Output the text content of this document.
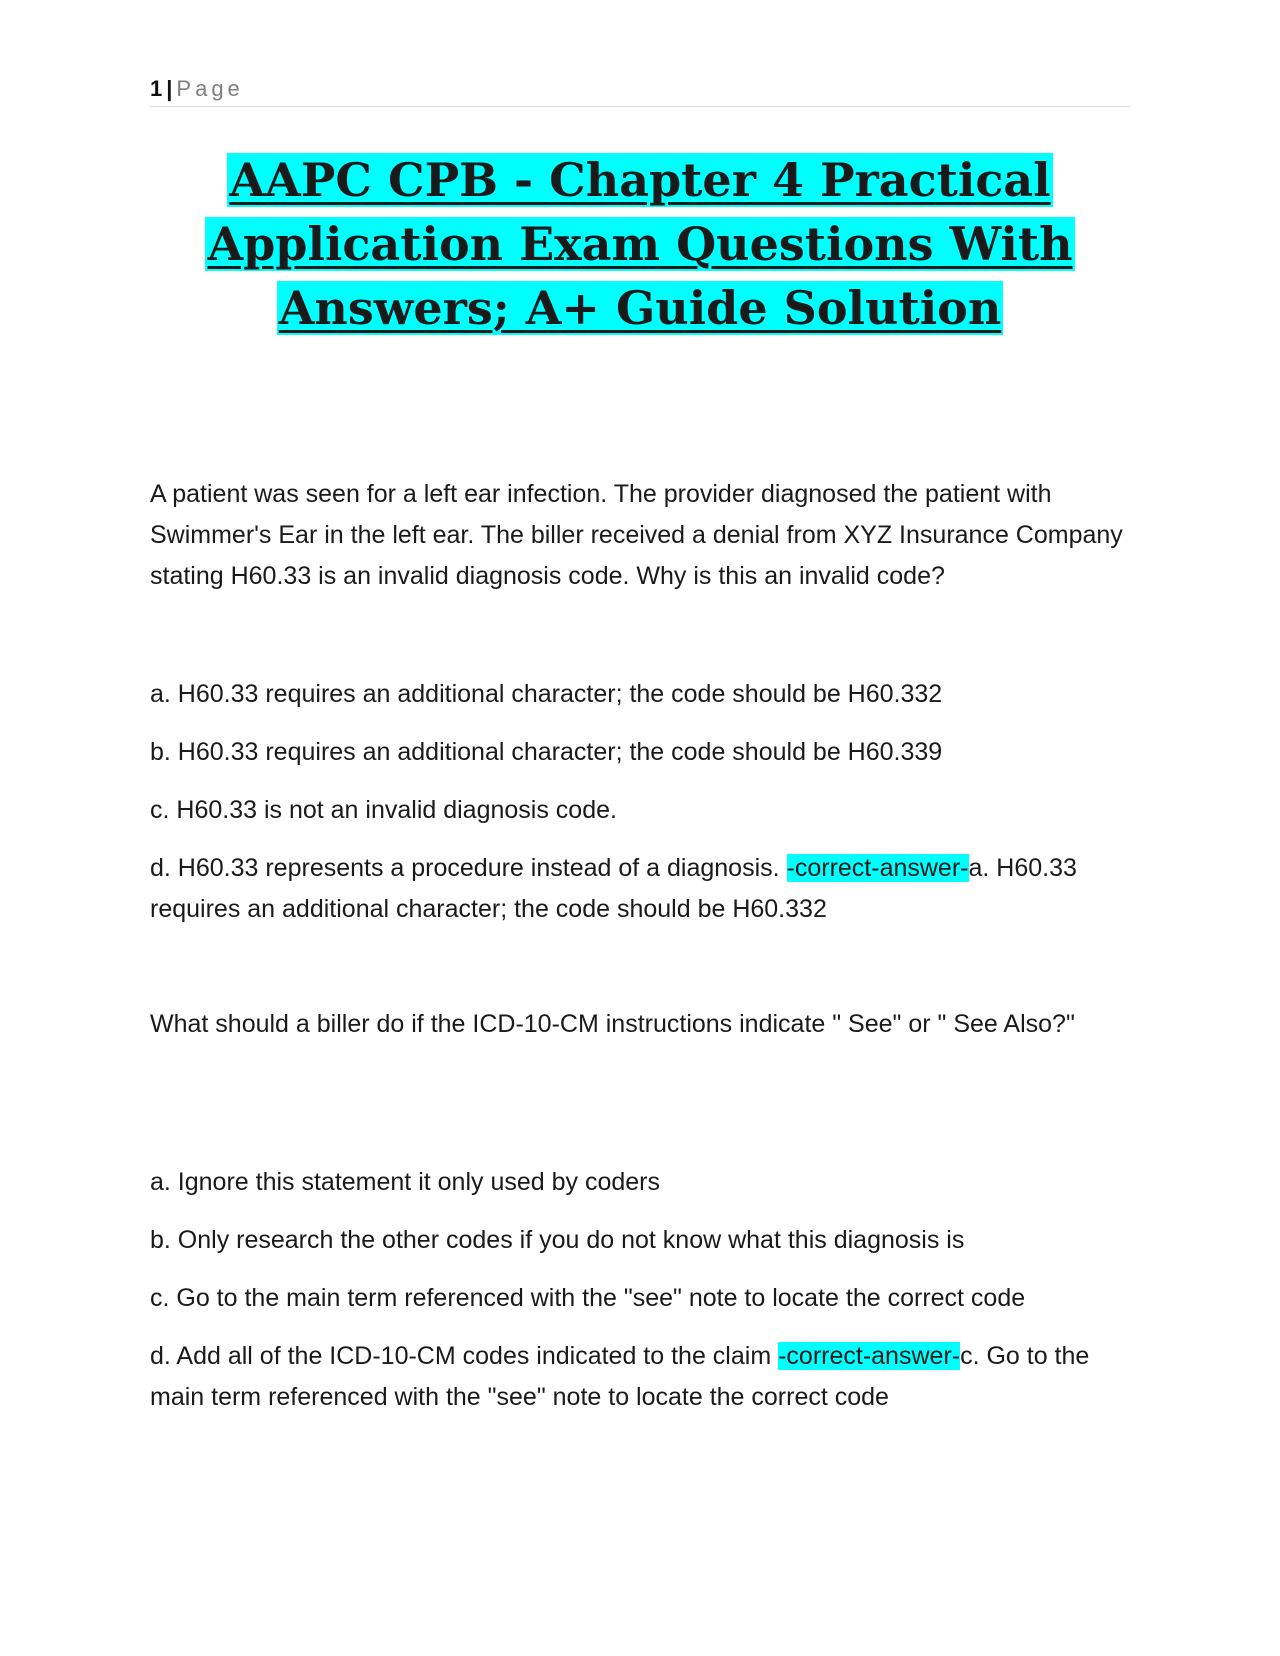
1 | Page
AAPC CPB - Chapter 4 Practical Application Exam Questions With Answers; A+ Guide Solution

A patient was seen for a left ear infection. The provider diagnosed the patient with Swimmer's Ear in the left ear. The biller received a denial from XYZ Insurance Company stating H60.33 is an invalid diagnosis code. Why is this an invalid code?

a. H60.33 requires an additional character; the code should be H60.332

b. H60.33 requires an additional character; the code should be H60.339

c. H60.33 is not an invalid diagnosis code.

d. H60.33 represents a procedure instead of a diagnosis. -correct-answer-a. H60.33 requires an additional character; the code should be H60.332

What should a biller do if the ICD-10-CM instructions indicate " See" or " See Also?"

a. Ignore this statement it only used by coders

b. Only research the other codes if you do not know what this diagnosis is

c. Go to the main term referenced with the "see" note to locate the correct code

d. Add all of the ICD-10-CM codes indicated to the claim -correct-answer-c. Go to the main term referenced with the "see" note to locate the correct code
